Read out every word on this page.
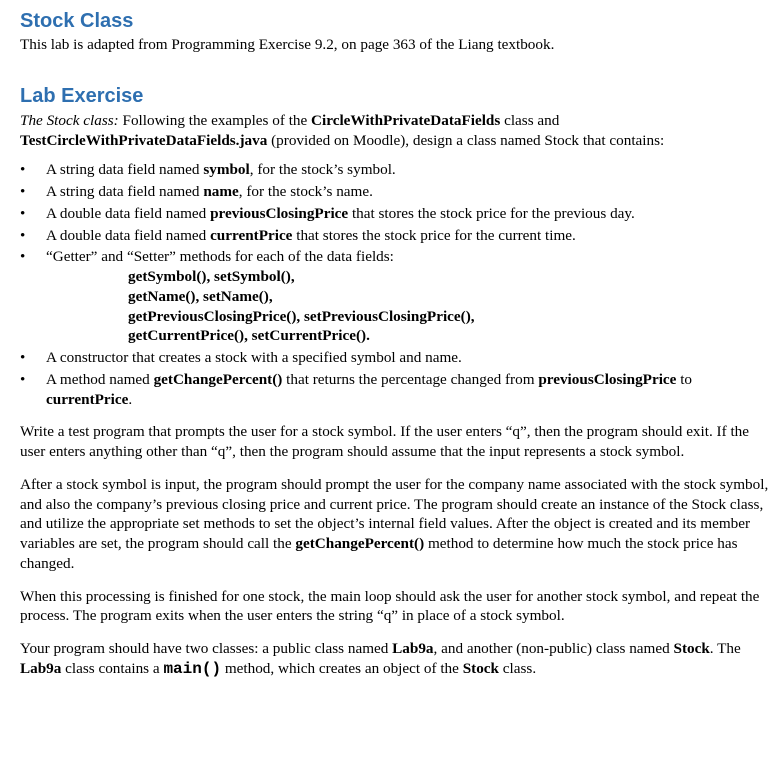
Stock Class

This lab is adapted from Programming Exercise 9.2, on page 363 of the Liang textbook.

Lab Exercise

The Stock class: Following the examples of the CircleWithPrivateDataFields class and TestCircleWithPrivateDataFields.java (provided on Moodle), design a class named Stock that contains:

• A string data field named symbol, for the stock’s symbol.
• A string data field named name, for the stock’s name.
• A double data field named previousClosingPrice that stores the stock price for the previous day.
• A double data field named currentPrice that stores the stock price for the current time.
• “Getter” and “Setter” methods for each of the data fields:
getSymbol(), setSymbol(),
getName(), setName(),
getPreviousClosingPrice(), setPreviousClosingPrice(),
getCurrentPrice(), setCurrentPrice().
• A constructor that creates a stock with a specified symbol and name.
• A method named getChangePercent() that returns the percentage changed from previousClosingPrice to currentPrice.

Write a test program that prompts the user for a stock symbol. If the user enters “q”, then the program should exit. If the user enters anything other than “q”, then the program should assume that the input represents a stock symbol.

After a stock symbol is input, the program should prompt the user for the company name associated with the stock symbol, and also the company’s previous closing price and current price. The program should create an instance of the Stock class, and utilize the appropriate set methods to set the object’s internal field values. After the object is created and its member variables are set, the program should call the getChangePercent() method to determine how much the stock price has changed.

When this processing is finished for one stock, the main loop should ask the user for another stock symbol, and repeat the process. The program exits when the user enters the string “q” in place of a stock symbol.

Your program should have two classes: a public class named Lab9a, and another (non-public) class named Stock. The Lab9a class contains a main() method, which creates an object of the Stock class.
